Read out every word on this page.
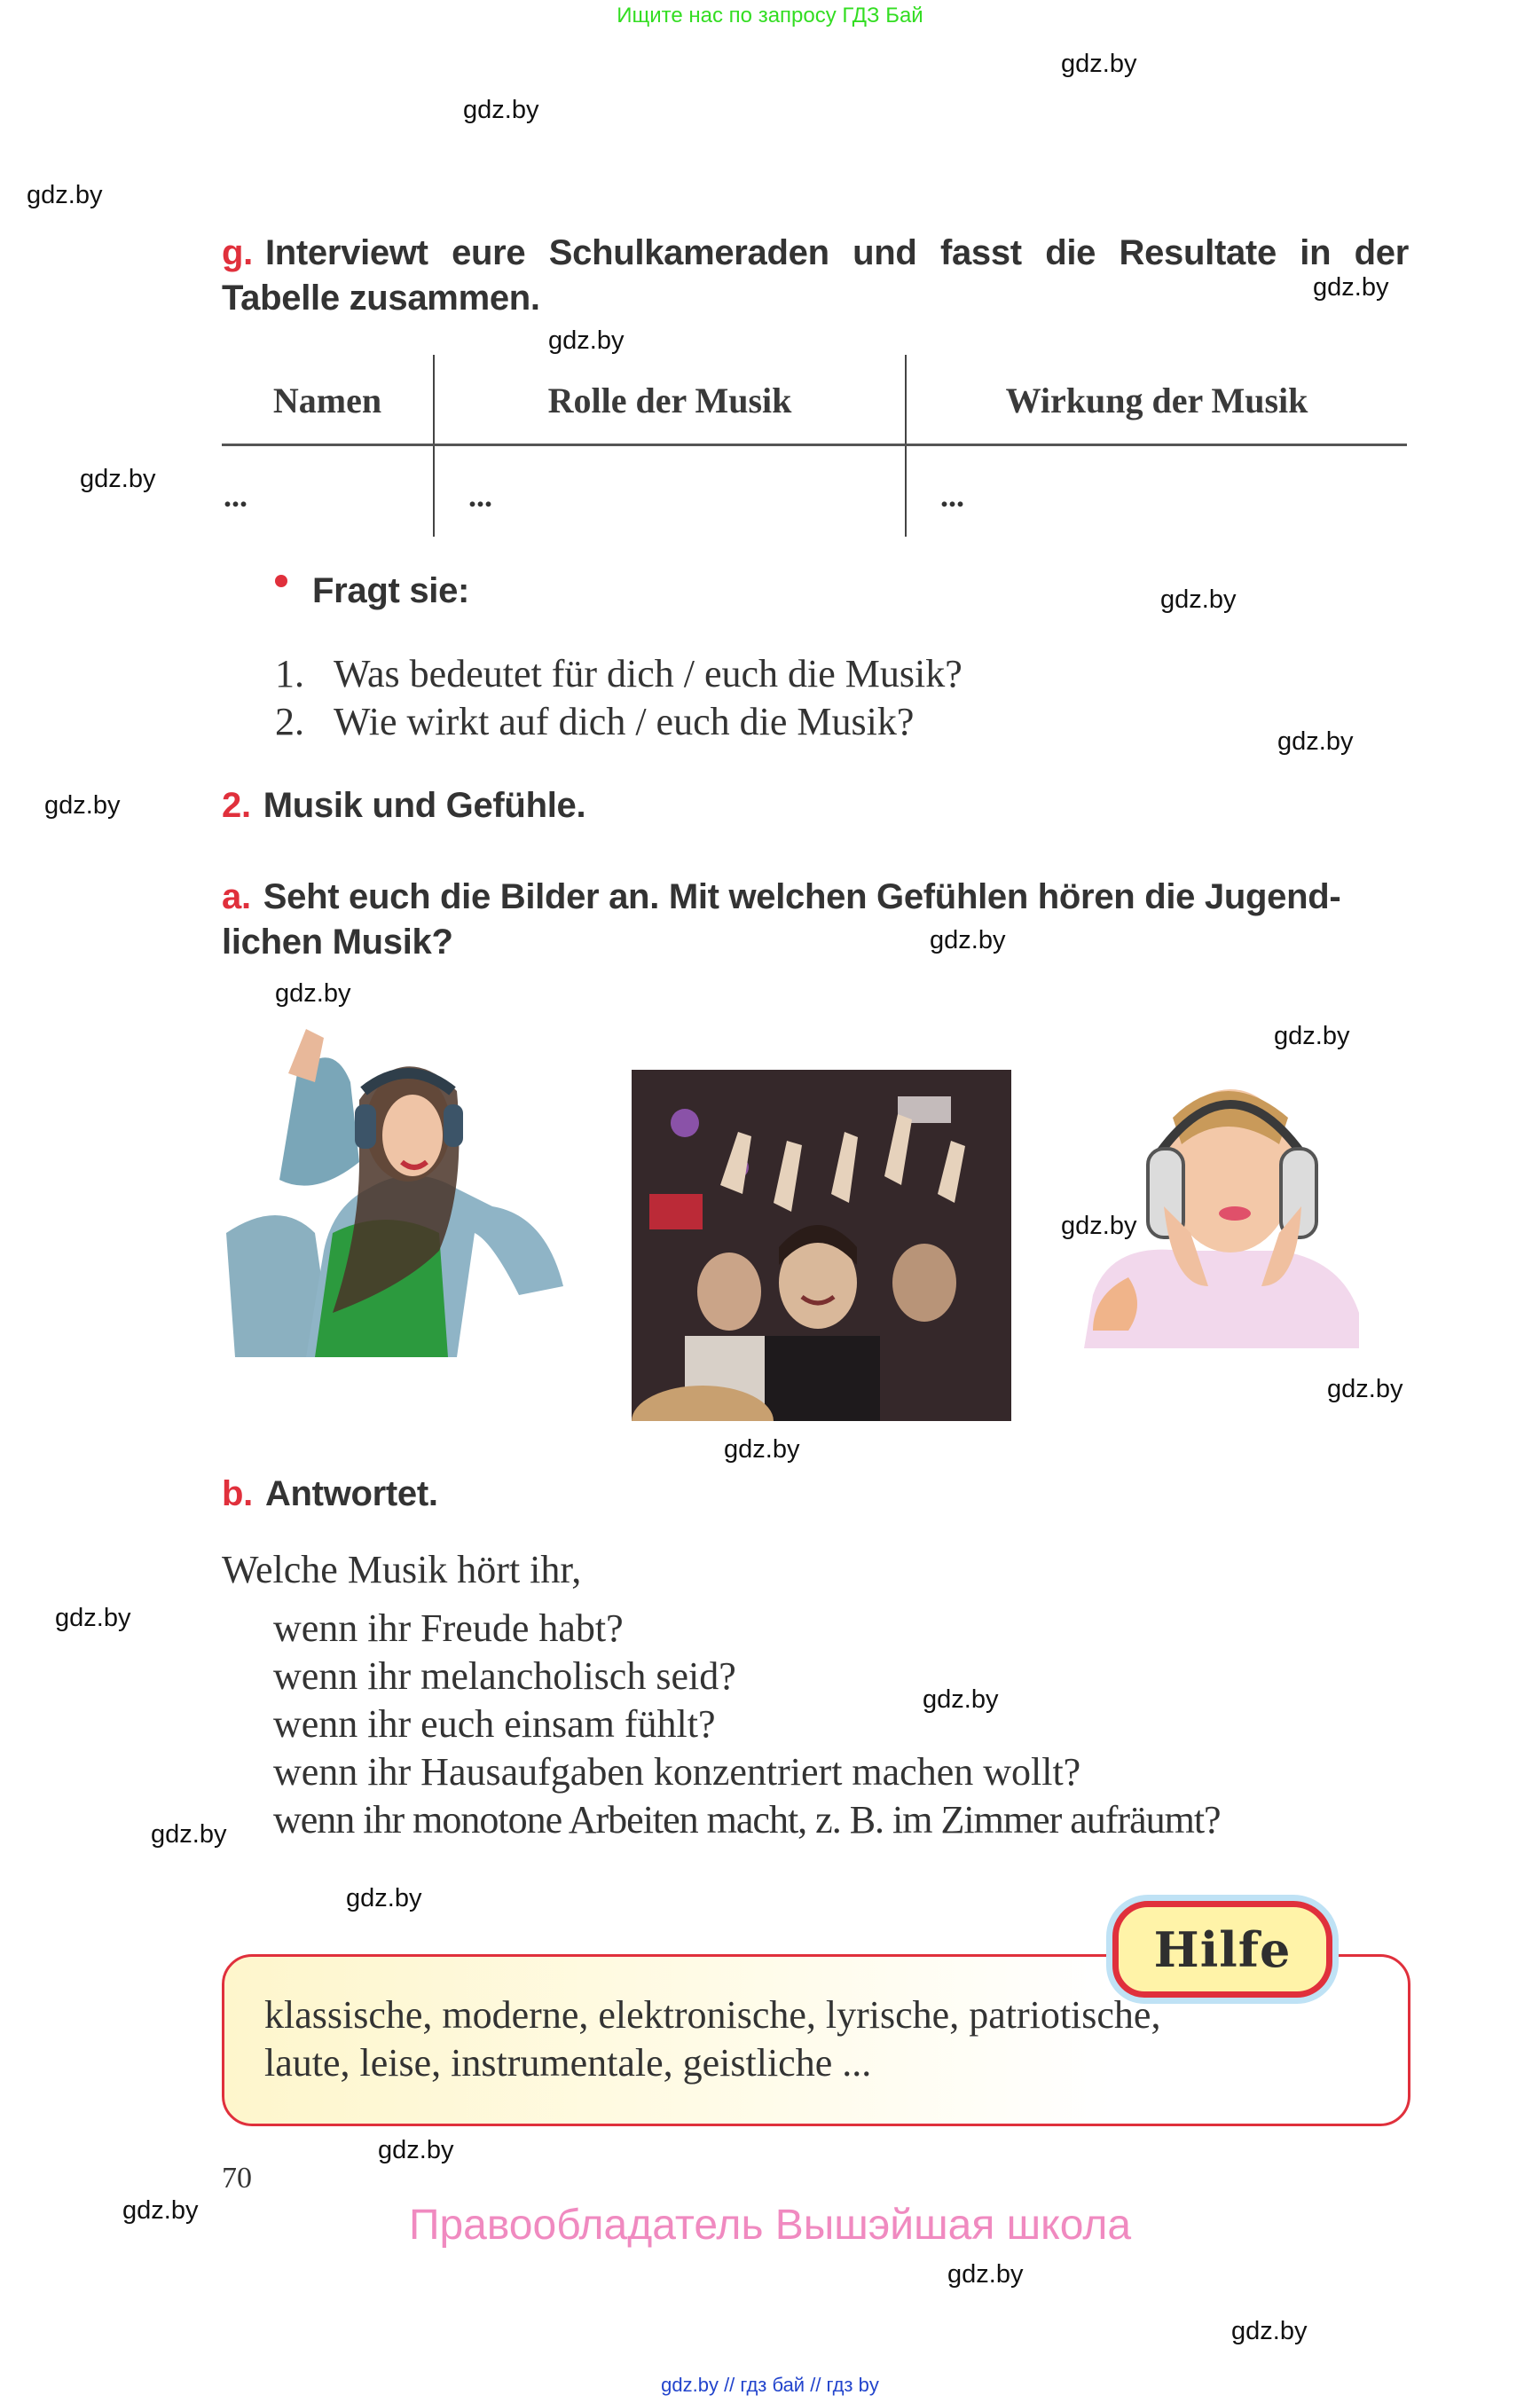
Ищите нас по запросу ГДЗ Бай
gdz.by
gdz.by
gdz.by
gdz.by
gdz.by
gdz.by
gdz.by
gdz.by
gdz.by
gdz.by
gdz.by
gdz.by
gdz.by
gdz.by
gdz.by
gdz.by
gdz.by
gdz.by
gdz.by
gdz.by
gdz.by
gdz.by
gdz.by
g. Interviewt eure Schulkameraden und fasst die Resultate in der
Tabelle zusammen.
Namen	Rolle der Musik	Wirkung der Musik
...	...	...
Fragt sie:
1. Was bedeutet für dich / euch die Musik?
2. Wie wirkt auf dich / euch die Musik?
2. Musik und Gefühle.
a. Seht euch die Bilder an. Mit welchen Gefühlen hören die Jugend-
lichen Musik?
b. Antwortet.
Welche Musik hört ihr,
wenn ihr Freude habt?
wenn ihr melancholisch seid?
wenn ihr euch einsam fühlt?
wenn ihr Hausaufgaben konzentriert machen wollt?
wenn ihr monotone Arbeiten macht, z. B. im Zimmer aufräumt?
Hilfe
klassische, moderne, elektronische, lyrische, patriotische,
laute, leise, instrumentale, geistliche ...
70
Правообладатель Вышэйшая школа
gdz.by // гдз бай // гдз by
